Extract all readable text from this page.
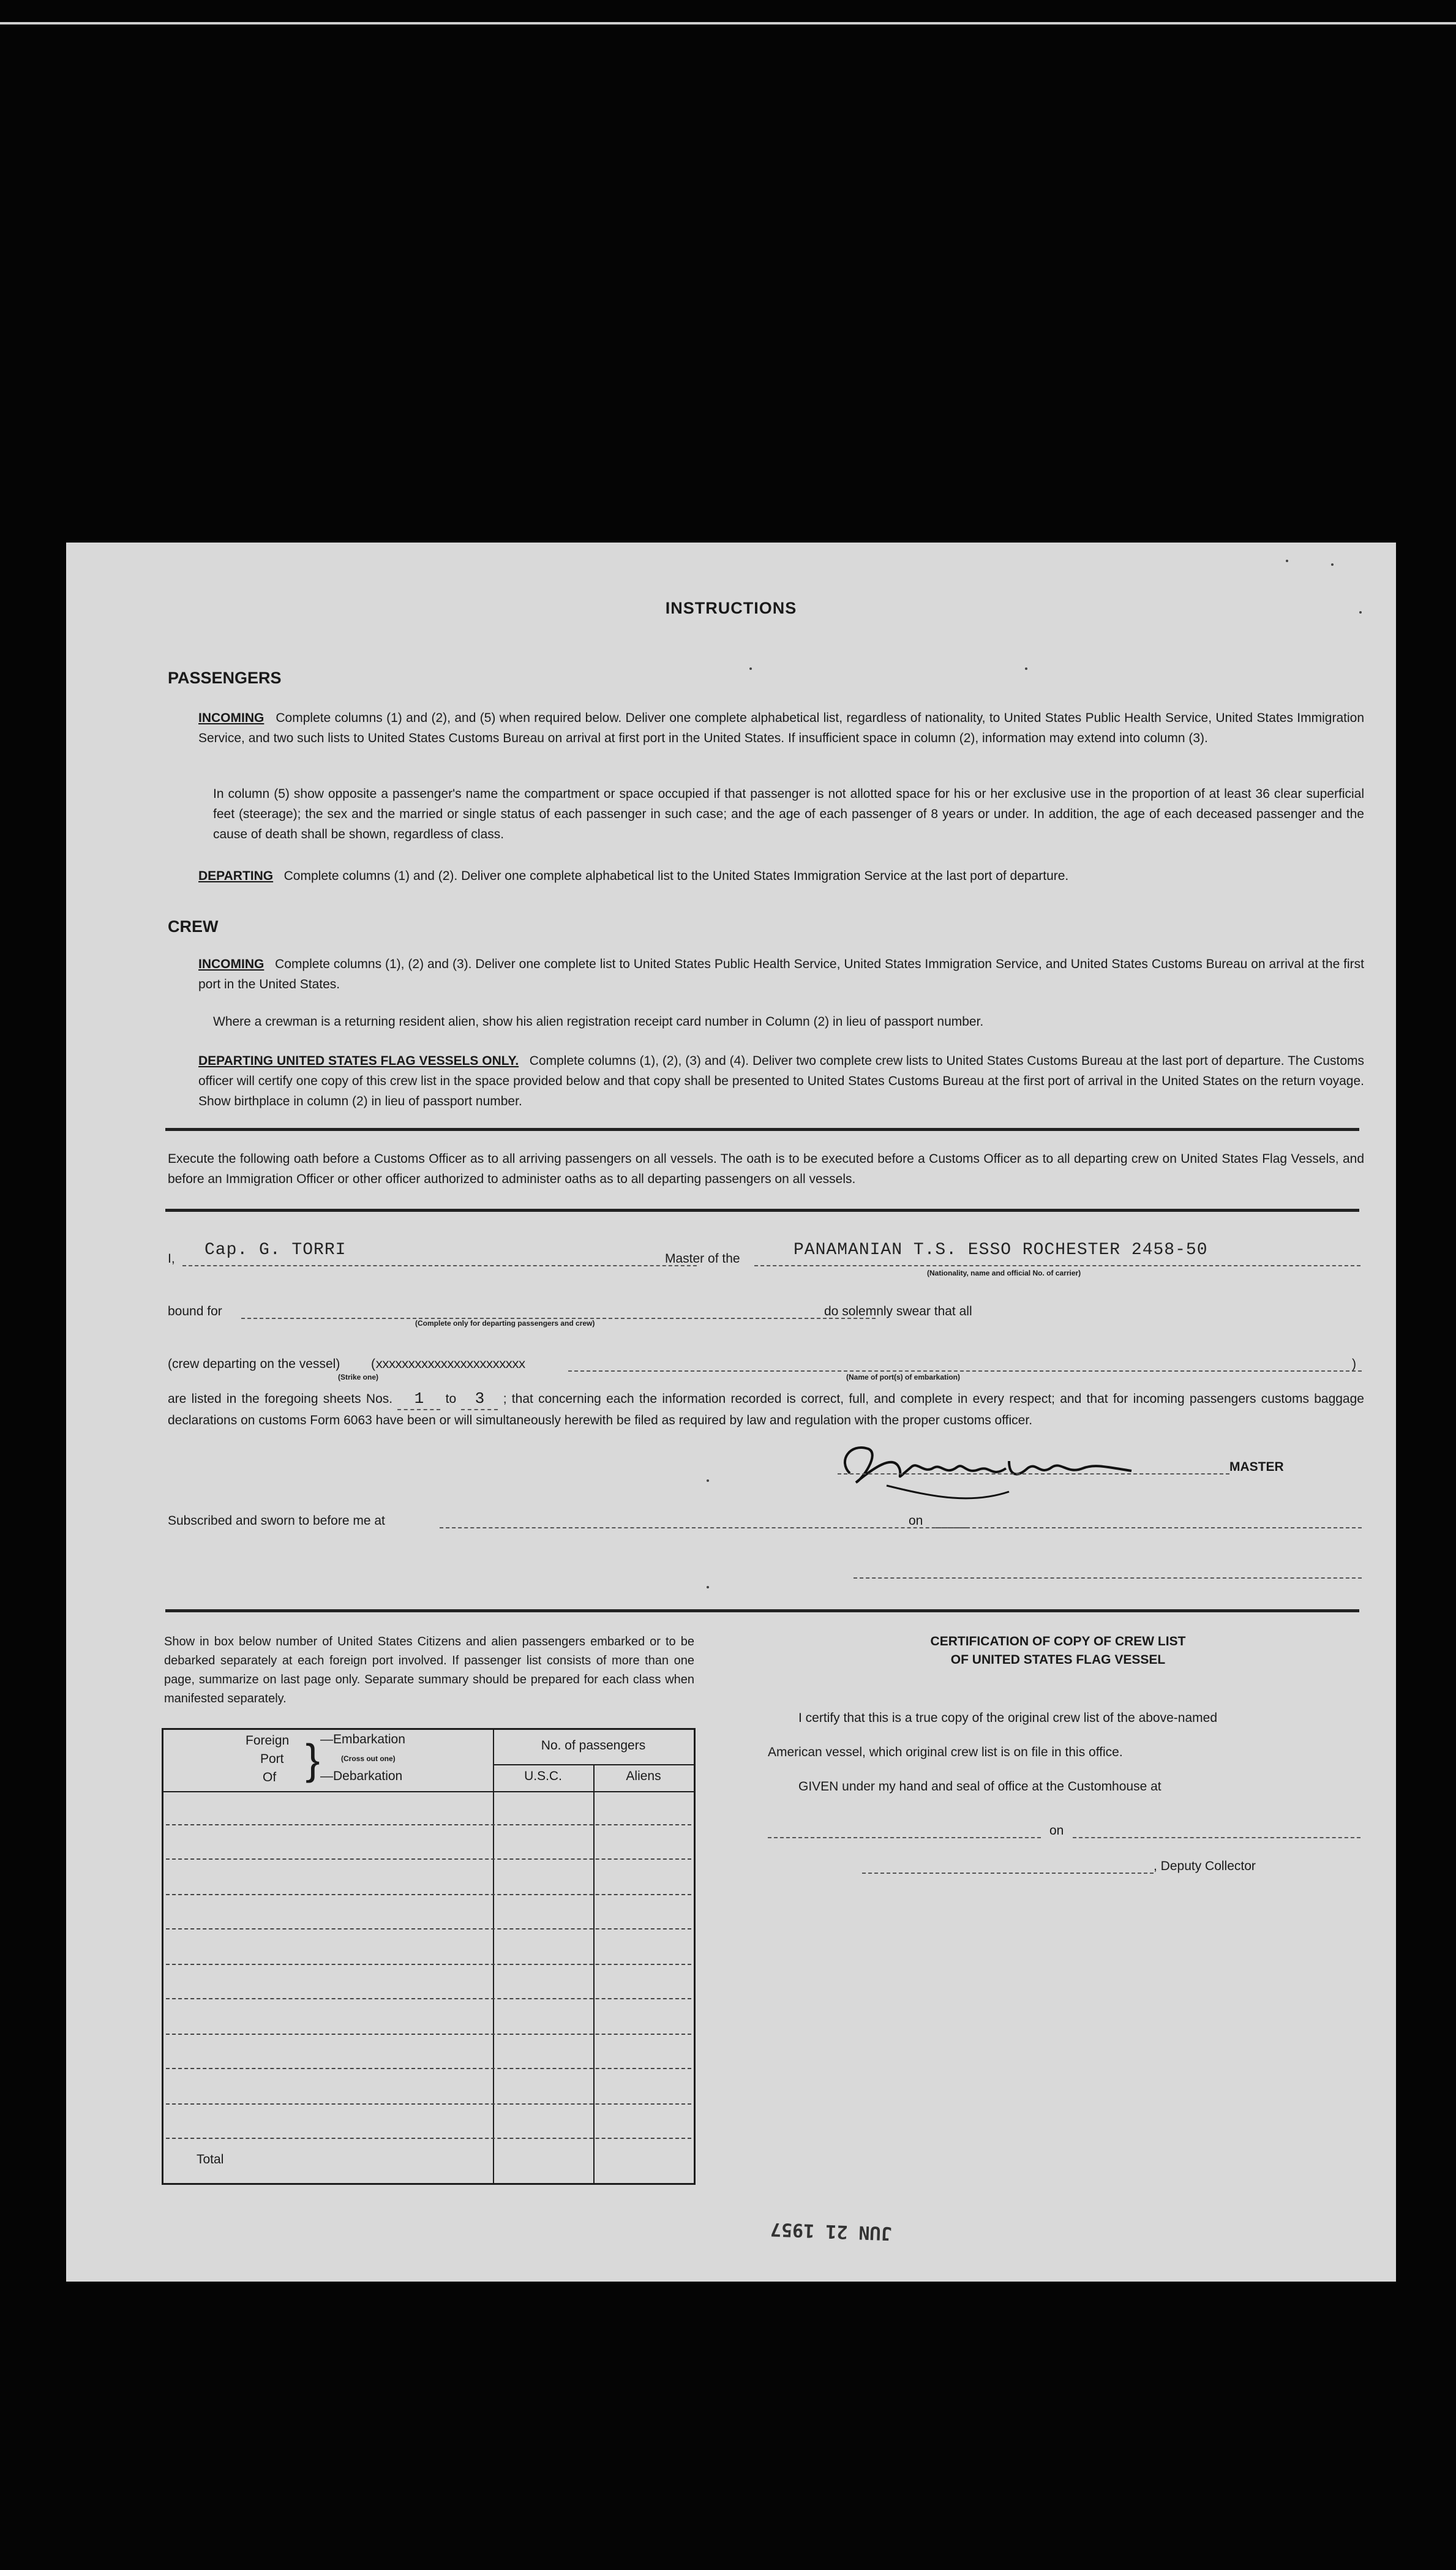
INSTRUCTIONS
PASSENGERS
INCOMING Complete columns (1) and (2), and (5) when required below. Deliver one complete alphabetical list, regardless of nationality, to United States Public Health Service, United States Immigration Service, and two such lists to United States Customs Bureau on arrival at first port in the United States. If insufficient space in column (2), information may extend into column (3).
In column (5) show opposite a passenger's name the compartment or space occupied if that passenger is not allotted space for his or her exclusive use in the proportion of at least 36 clear superficial feet (steerage); the sex and the married or single status of each passenger in such case; and the age of each passenger of 8 years or under. In addition, the age of each deceased passenger and the cause of death shall be shown, regardless of class.
DEPARTING Complete columns (1) and (2). Deliver one complete alphabetical list to the United States Immigration Service at the last port of departure.
CREW
INCOMING Complete columns (1), (2) and (3). Deliver one complete list to United States Public Health Service, United States Immigration Service, and United States Customs Bureau on arrival at the first port in the United States.
Where a crewman is a returning resident alien, show his alien registration receipt card number in Column (2) in lieu of passport number.
DEPARTING UNITED STATES FLAG VESSELS ONLY. Complete columns (1), (2), (3) and (4). Deliver two complete crew lists to United States Customs Bureau at the last port of departure. The Customs officer will certify one copy of this crew list in the space provided below and that copy shall be presented to United States Customs Bureau at the first port of arrival in the United States on the return voyage. Show birthplace in column (2) in lieu of passport number.
Execute the following oath before a Customs Officer as to all arriving passengers on all vessels. The oath is to be executed before a Customs Officer as to all departing crew on United States Flag Vessels, and before an Immigration Officer or other officer authorized to administer oaths as to all departing passengers on all vessels.
I, Cap. G. TORRI	Master of the	PANAMANIAN T.S. ESSO ROCHESTER 2458-50
(Nationality, name and official No. of carrier)
bound for
(Complete only for departing passengers and crew)
do solemnly swear that all
(crew departing on the vessel) (xxxxxxxxxxxxxxxxxxxxxxx
(Strike one)	(Name of port(s) of embarkation)
)
are listed in the foregoing sheets Nos. 1 to 3 ; that concerning each the information recorded is correct, full, and complete in every respect; and that for incoming passengers customs baggage declarations on customs Form 6063 have been or will simultaneously herewith be filed as required by law and regulation with the proper customs officer.
MASTER
Subscribed and sworn to before me at	on
Show in box below number of United States Citizens and alien passengers embarked or to be debarked separately at each foreign port involved. If passenger list consists of more than one page, summarize on last page only. Separate summary should be prepared for each class when manifested separately.
Foreign
Port
Of } —Embarkation
(Cross out one)
—Debarkation
No. of passengers
U.S.C.	Aliens
Total
CERTIFICATION OF COPY OF CREW LIST
OF UNITED STATES FLAG VESSEL
I certify that this is a true copy of the original crew list of the above-named
American vessel, which original crew list is on file in this office.
GIVEN under my hand and seal of office at the Customhouse at
on
, Deputy Collector
JUN 21 1957
